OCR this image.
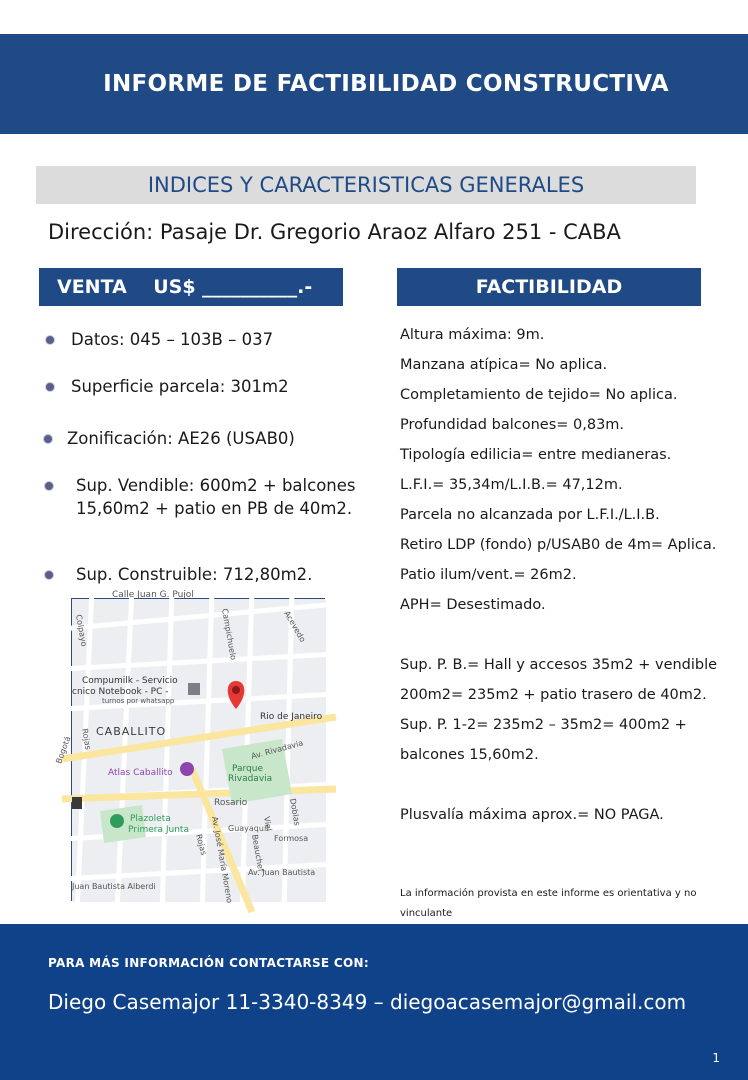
INFORME DE FACTIBILIDAD CONSTRUCTIVA
INDICES Y CARACTERISTICAS GENERALES
Dirección: Pasaje Dr. Gregorio Araoz Alfaro 251 - CABA
VENTA    US$ __________.-	FACTIBILIDAD
Datos: 045 – 103B – 037
Superficie parcela: 301m2
Zonificación: AE26 (USAB0)
Sup. Vendible: 600m2 + balcones 15,60m2 + patio en PB de 40m2.
Sup. Construible: 712,80m2.
Altura máxima: 9m.
Manzana atípica= No aplica.
Completamiento de tejido= No aplica.
Profundidad balcones= 0,83m.
Tipología edilicia= entre medianeras.
L.F.I.= 35,34m/L.I.B.= 47,12m.
Parcela no alcanzada por L.F.I./L.I.B.
Retiro LDP (fondo) p/USAB0 de 4m= Aplica.
Patio ilum/vent.= 26m2.
APH= Desestimado.
Sup. P. B.= Hall y accesos 35m2 + vendible
200m2= 235m2 + patio trasero de 40m2.
Sup. P. 1-2= 235m2 – 35m2= 400m2 +
balcones 15,60m2.
Plusvalía máxima aprox.= NO PAGA.
La información provista en este informe es orientativa y no vinculante
Calle Juan G. Pujol
Compumilk - Servicio
cnico Notebook - PC -
turnos por whatsapp
CABALLITO
Rio de Janeiro
Av. Rivadavia
Parque
Rivadavia
Atlas Caballito
Rosario
Plazoleta
Primera Junta	Guayaquil
Formosa
Av. José María Moreno
Juan Bautista Alberdi
Av. Juan Bautista
Colpayo
Rojas
Bogotá
Campichuelo	Acevedo
Doblas
Beauchef
Rojas
Viel
PARA MÁS INFORMACIÓN CONTACTARSE CON:
Diego Casemajor 11-3340-8349 – diegoacasemajor@gmail.com
1
